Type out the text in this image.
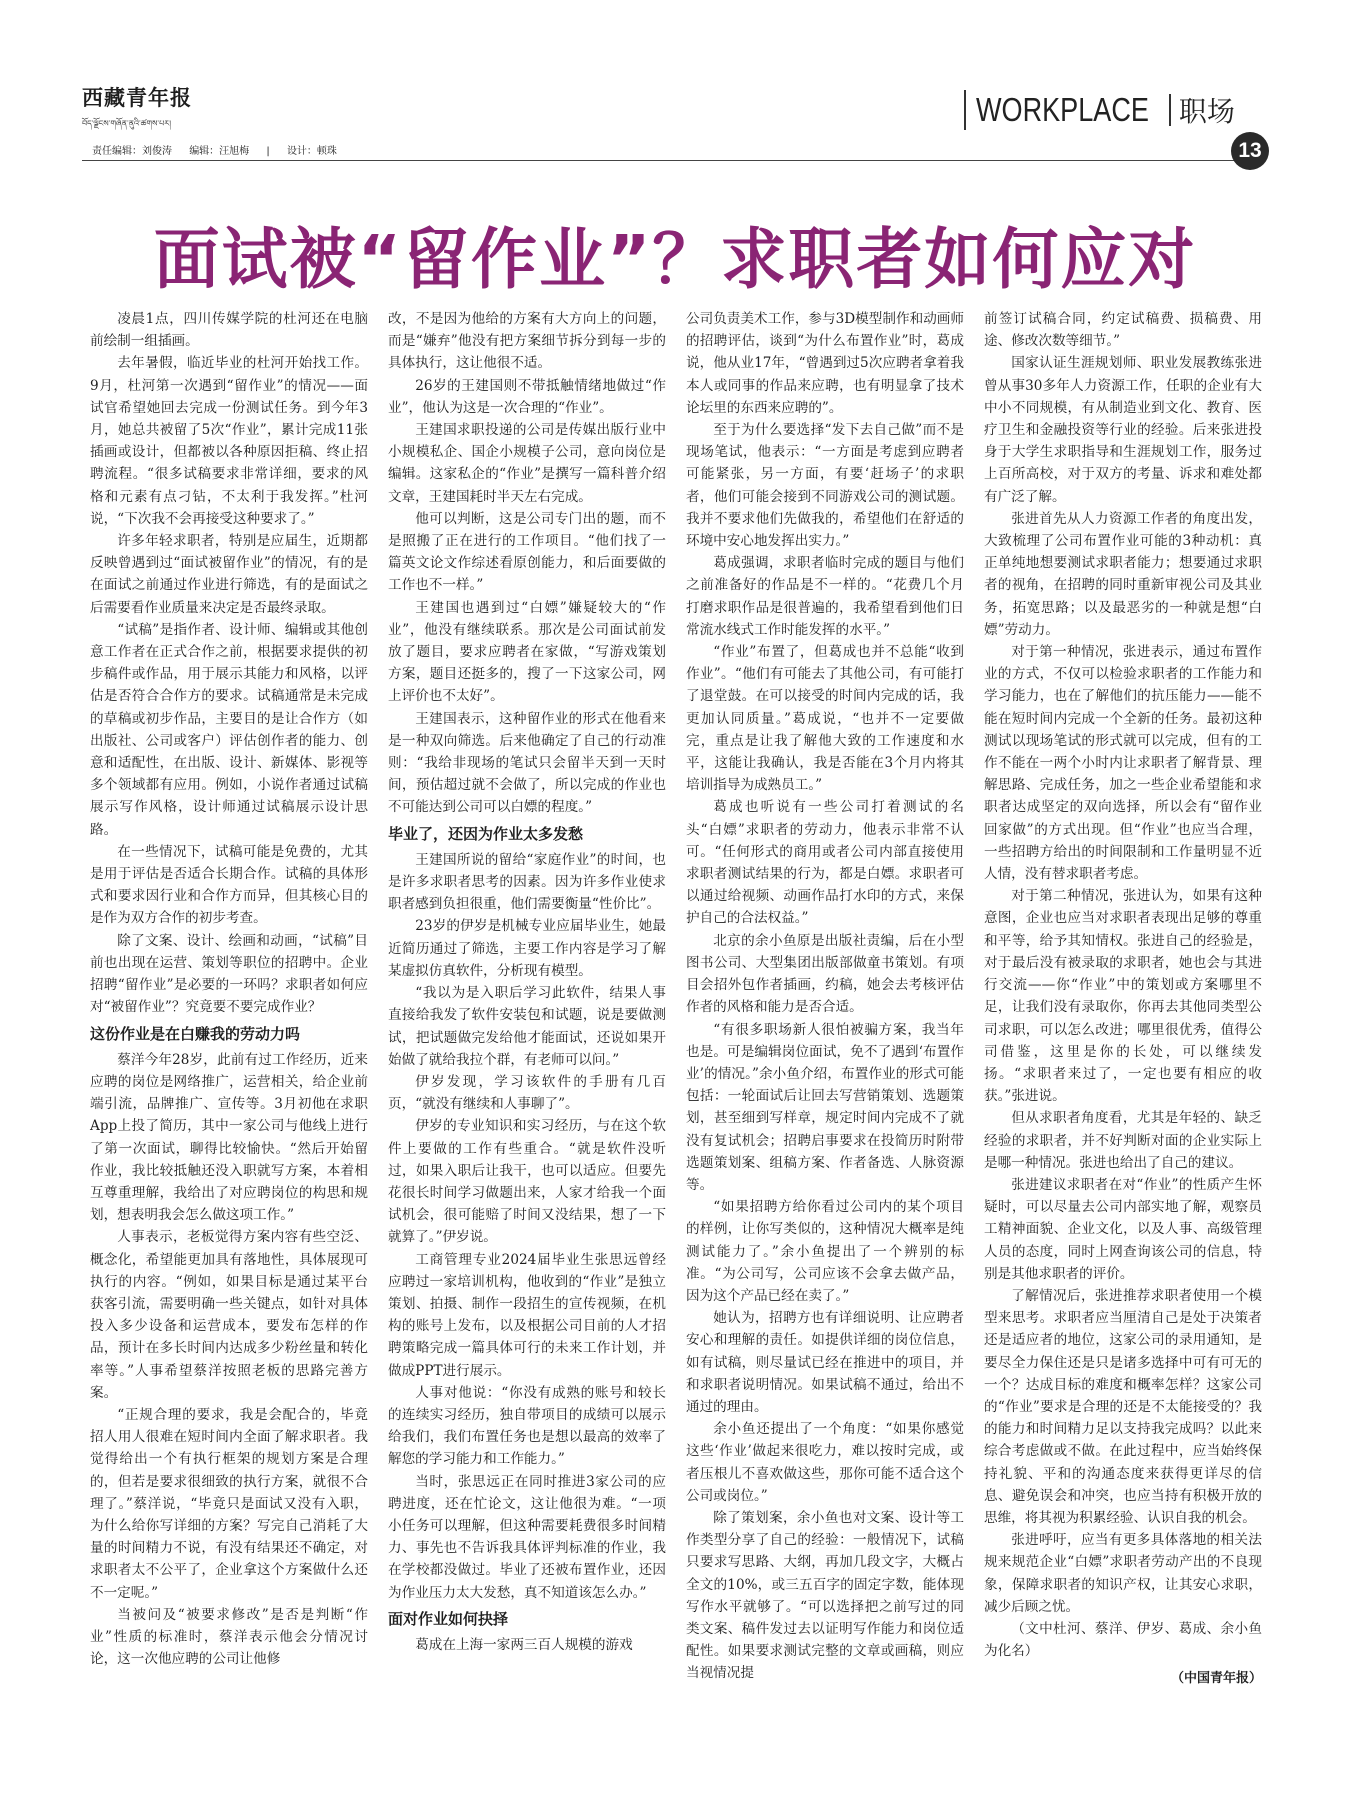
西藏青年报
བོད་ལྗོངས་གཞོན་ནུའི་ཚགས་པར།	WORKPLACE 职场
责任编辑：刘俊涛 编辑：汪旭梅 | 设计：顿珠	13
面试被“留作业”？求职者如何应对

凌晨1点，四川传媒学院的杜河还在电脑前绘制一组插画。

去年暑假，临近毕业的杜河开始找工作。9月，杜河第一次遇到“留作业”的情况——面试官希望她回去完成一份测试任务。到今年3月，她总共被留了5次“作业”，累计完成11张插画或设计，但都被以各种原因拒稿、终止招聘流程。“很多试稿要求非常详细，要求的风格和元素有点刁钻，不太利于我发挥。”杜河说，“下次我不会再接受这种要求了。”

许多年轻求职者，特别是应届生，近期都反映曾遇到过“面试被留作业”的情况，有的是在面试之前通过作业进行筛选，有的是面试之后需要看作业质量来决定是否最终录取。

“试稿”是指作者、设计师、编辑或其他创意工作者在正式合作之前，根据要求提供的初步稿件或作品，用于展示其能力和风格，以评估是否符合合作方的要求。试稿通常是未完成的草稿或初步作品，主要目的是让合作方（如出版社、公司或客户）评估创作者的能力、创意和适配性，在出版、设计、新媒体、影视等多个领域都有应用。例如，小说作者通过试稿展示写作风格，设计师通过试稿展示设计思路。

在一些情况下，试稿可能是免费的，尤其是用于评估是否适合长期合作。试稿的具体形式和要求因行业和合作方而异，但其核心目的是作为双方合作的初步考查。

除了文案、设计、绘画和动画，“试稿”目前也出现在运营、策划等职位的招聘中。企业招聘“留作业”是必要的一环吗？求职者如何应对“被留作业”？究竟要不要完成作业？

这份作业是在白赚我的劳动力吗

蔡洋今年28岁，此前有过工作经历，近来应聘的岗位是网络推广，运营相关，给企业前端引流，品牌推广、宣传等。3月初他在求职App上投了简历，其中一家公司与他线上进行了第一次面试，聊得比较愉快。“然后开始留作业，我比较抵触还没入职就写方案，本着相互尊重理解，我给出了对应聘岗位的构思和规划，想表明我会怎么做这项工作。”

人事表示，老板觉得方案内容有些空泛、概念化，希望能更加具有落地性，具体展现可执行的内容。“例如，如果目标是通过某平台获客引流，需要明确一些关键点，如针对具体投入多少设备和运营成本，要发布怎样的作品，预计在多长时间内达成多少粉丝量和转化率等。”人事希望蔡洋按照老板的思路完善方案。

“正规合理的要求，我是会配合的，毕竟招人用人很难在短时间内全面了解求职者。我觉得给出一个有执行框架的规划方案是合理的，但若是要求很细致的执行方案，就很不合理了。”蔡洋说，“毕竟只是面试又没有入职，为什么给你写详细的方案？写完自己消耗了大量的时间精力不说，有没有结果还不确定，对求职者太不公平了，企业拿这个方案做什么还不一定呢。”

当被问及“被要求修改”是否是判断“作业”性质的标准时，蔡洋表示他会分情况讨论，这一次他应聘的公司让他修

改，不是因为他给的方案有大方向上的问题，而是“嫌弃”他没有把方案细节拆分到每一步的具体执行，这让他很不适。

26岁的王建国则不带抵触情绪地做过“作业”，他认为这是一次合理的“作业”。

王建国求职投递的公司是传媒出版行业中小规模私企、国企小规模子公司，意向岗位是编辑。这家私企的“作业”是撰写一篇科普介绍文章，王建国耗时半天左右完成。

他可以判断，这是公司专门出的题，而不是照搬了正在进行的工作项目。“他们找了一篇英文论文作综述看原创能力，和后面要做的工作也不一样。”

王建国也遇到过“白嫖”嫌疑较大的“作业”，他没有继续联系。那次是公司面试前发放了题目，要求应聘者在家做，“写游戏策划方案，题目还挺多的，搜了一下这家公司，网上评价也不太好”。

王建国表示，这种留作业的形式在他看来是一种双向筛选。后来他确定了自己的行动准则：“我给非现场的笔试只会留半天到一天时间，预估超过就不会做了，所以完成的作业也不可能达到公司可以白嫖的程度。”

毕业了，还因为作业太多发愁

王建国所说的留给“家庭作业”的时间，也是许多求职者思考的因素。因为许多作业使求职者感到负担很重，他们需要衡量“性价比”。

23岁的伊岁是机械专业应届毕业生，她最近简历通过了筛选，主要工作内容是学习了解某虚拟仿真软件，分析现有模型。

“我以为是入职后学习此软件，结果人事直接给我发了软件安装包和试题，说是要做测试，把试题做完发给他才能面试，还说如果开始做了就给我拉个群，有老师可以问。”

伊岁发现，学习该软件的手册有几百页，“就没有继续和人事聊了”。

伊岁的专业知识和实习经历，与在这个软件上要做的工作有些重合。“就是软件没听过，如果入职后让我干，也可以适应。但要先花很长时间学习做题出来，人家才给我一个面试机会，很可能赔了时间又没结果，想了一下就算了。”伊岁说。

工商管理专业2024届毕业生张思远曾经应聘过一家培训机构，他收到的“作业”是独立策划、拍摄、制作一段招生的宣传视频，在机构的账号上发布，以及根据公司目前的人才招聘策略完成一篇具体可行的未来工作计划，并做成PPT进行展示。

人事对他说：“你没有成熟的账号和较长的连续实习经历，独自带项目的成绩可以展示给我们，我们布置任务也是想以最高的效率了解您的学习能力和工作能力。”

当时，张思远正在同时推进3家公司的应聘进度，还在忙论文，这让他很为难。“一项小任务可以理解，但这种需要耗费很多时间精力、事先也不告诉我具体评判标准的作业，我在学校都没做过。毕业了还被布置作业，还因为作业压力太大发愁，真不知道该怎么办。”

面对作业如何抉择

葛成在上海一家两三百人规模的游戏

公司负责美术工作，参与3D模型制作和动画师的招聘评估，谈到“为什么布置作业”时，葛成说，他从业17年，“曾遇到过5次应聘者拿着我本人或同事的作品来应聘，也有明显拿了技术论坛里的东西来应聘的”。

至于为什么要选择“发下去自己做”而不是现场笔试，他表示：“一方面是考虑到应聘者可能紧张，另一方面，有要‘赶场子’的求职者，他们可能会接到不同游戏公司的测试题。我并不要求他们先做我的，希望他们在舒适的环境中安心地发挥出实力。”

葛成强调，求职者临时完成的题目与他们之前准备好的作品是不一样的。“花费几个月打磨求职作品是很普遍的，我希望看到他们日常流水线式工作时能发挥的水平。”

“作业”布置了，但葛成也并不总能“收到作业”。“他们有可能去了其他公司，有可能打了退堂鼓。在可以接受的时间内完成的话，我更加认同质量。”葛成说，“也并不一定要做完，重点是让我了解他大致的工作速度和水平，这能让我确认，我是否能在3个月内将其培训指导为成熟员工。”

葛成也听说有一些公司打着测试的名头“白嫖”求职者的劳动力，他表示非常不认可。“任何形式的商用或者公司内部直接使用求职者测试结果的行为，都是白嫖。求职者可以通过给视频、动画作品打水印的方式，来保护自己的合法权益。”

北京的余小鱼原是出版社责编，后在小型图书公司、大型集团出版部做童书策划。有项目会招外包作者插画，约稿，她会去考核评估作者的风格和能力是否合适。

“有很多职场新人很怕被骗方案，我当年也是。可是编辑岗位面试，免不了遇到‘布置作业’的情况。”余小鱼介绍，布置作业的形式可能包括：一轮面试后让回去写营销策划、选题策划，甚至细到写样章，规定时间内完成不了就没有复试机会；招聘启事要求在投简历时附带选题策划案、组稿方案、作者备选、人脉资源等。

“如果招聘方给你看过公司内的某个项目的样例，让你写类似的，这种情况大概率是纯测试能力了。”余小鱼提出了一个辨别的标准。“为公司写，公司应该不会拿去做产品，因为这个产品已经在卖了。”

她认为，招聘方也有详细说明、让应聘者安心和理解的责任。如提供详细的岗位信息，如有试稿，则尽量试已经在推进中的项目，并和求职者说明情况。如果试稿不通过，给出不通过的理由。

余小鱼还提出了一个角度：“如果你感觉这些‘作业’做起来很吃力，难以按时完成，或者压根儿不喜欢做这些，那你可能不适合这个公司或岗位。”

除了策划案，余小鱼也对文案、设计等工作类型分享了自己的经验：一般情况下，试稿只要求写思路、大纲，再加几段文字，大概占全文的10%，或三五百字的固定字数，能体现写作水平就够了。“可以选择把之前写过的同类文案、稿件发过去以证明写作能力和岗位适配性。如果要求测试完整的文章或画稿，则应当视情况提

前签订试稿合同，约定试稿费、损稿费、用途、修改次数等细节。”

国家认证生涯规划师、职业发展教练张进曾从事30多年人力资源工作，任职的企业有大中小不同规模，有从制造业到文化、教育、医疗卫生和金融投资等行业的经验。后来张进投身于大学生求职指导和生涯规划工作，服务过上百所高校，对于双方的考量、诉求和难处都有广泛了解。

张进首先从人力资源工作者的角度出发，大致梳理了公司布置作业可能的3种动机：真正单纯地想要测试求职者能力；想要通过求职者的视角，在招聘的同时重新审视公司及其业务，拓宽思路；以及最恶劣的一种就是想“白嫖”劳动力。

对于第一种情况，张进表示，通过布置作业的方式，不仅可以检验求职者的工作能力和学习能力，也在了解他们的抗压能力——能不能在短时间内完成一个全新的任务。最初这种测试以现场笔试的形式就可以完成，但有的工作不能在一两个小时内让求职者了解背景、理解思路、完成任务，加之一些企业希望能和求职者达成坚定的双向选择，所以会有“留作业回家做”的方式出现。但“作业”也应当合理，一些招聘方给出的时间限制和工作量明显不近人情，没有替求职者考虑。

对于第二种情况，张进认为，如果有这种意图，企业也应当对求职者表现出足够的尊重和平等，给予其知情权。张进自己的经验是，对于最后没有被录取的求职者，她也会与其进行交流——你“作业”中的策划或方案哪里不足，让我们没有录取你，你再去其他同类型公司求职，可以怎么改进；哪里很优秀，值得公司借鉴，这里是你的长处，可以继续发扬。“求职者来过了，一定也要有相应的收获。”张进说。

但从求职者角度看，尤其是年轻的、缺乏经验的求职者，并不好判断对面的企业实际上是哪一种情况。张进也给出了自己的建议。

张进建议求职者在对“作业”的性质产生怀疑时，可以尽量去公司内部实地了解，观察员工精神面貌、企业文化，以及人事、高级管理人员的态度，同时上网查询该公司的信息，特别是其他求职者的评价。

了解情况后，张进推荐求职者使用一个模型来思考。求职者应当厘清自己是处于决策者还是适应者的地位，这家公司的录用通知，是要尽全力保住还是只是诸多选择中可有可无的一个？达成目标的难度和概率怎样？这家公司的“作业”要求是合理的还是不太能接受的？我的能力和时间精力足以支持我完成吗？以此来综合考虑做或不做。在此过程中，应当始终保持礼貌、平和的沟通态度来获得更详尽的信息、避免误会和冲突，也应当持有积极开放的思维，将其视为积累经验、认识自我的机会。

张进呼吁，应当有更多具体落地的相关法规来规范企业“白嫖”求职者劳动产出的不良现象，保障求职者的知识产权，让其安心求职，减少后顾之忧。

（文中杜河、蔡洋、伊岁、葛成、余小鱼为化名）

（中国青年报）
